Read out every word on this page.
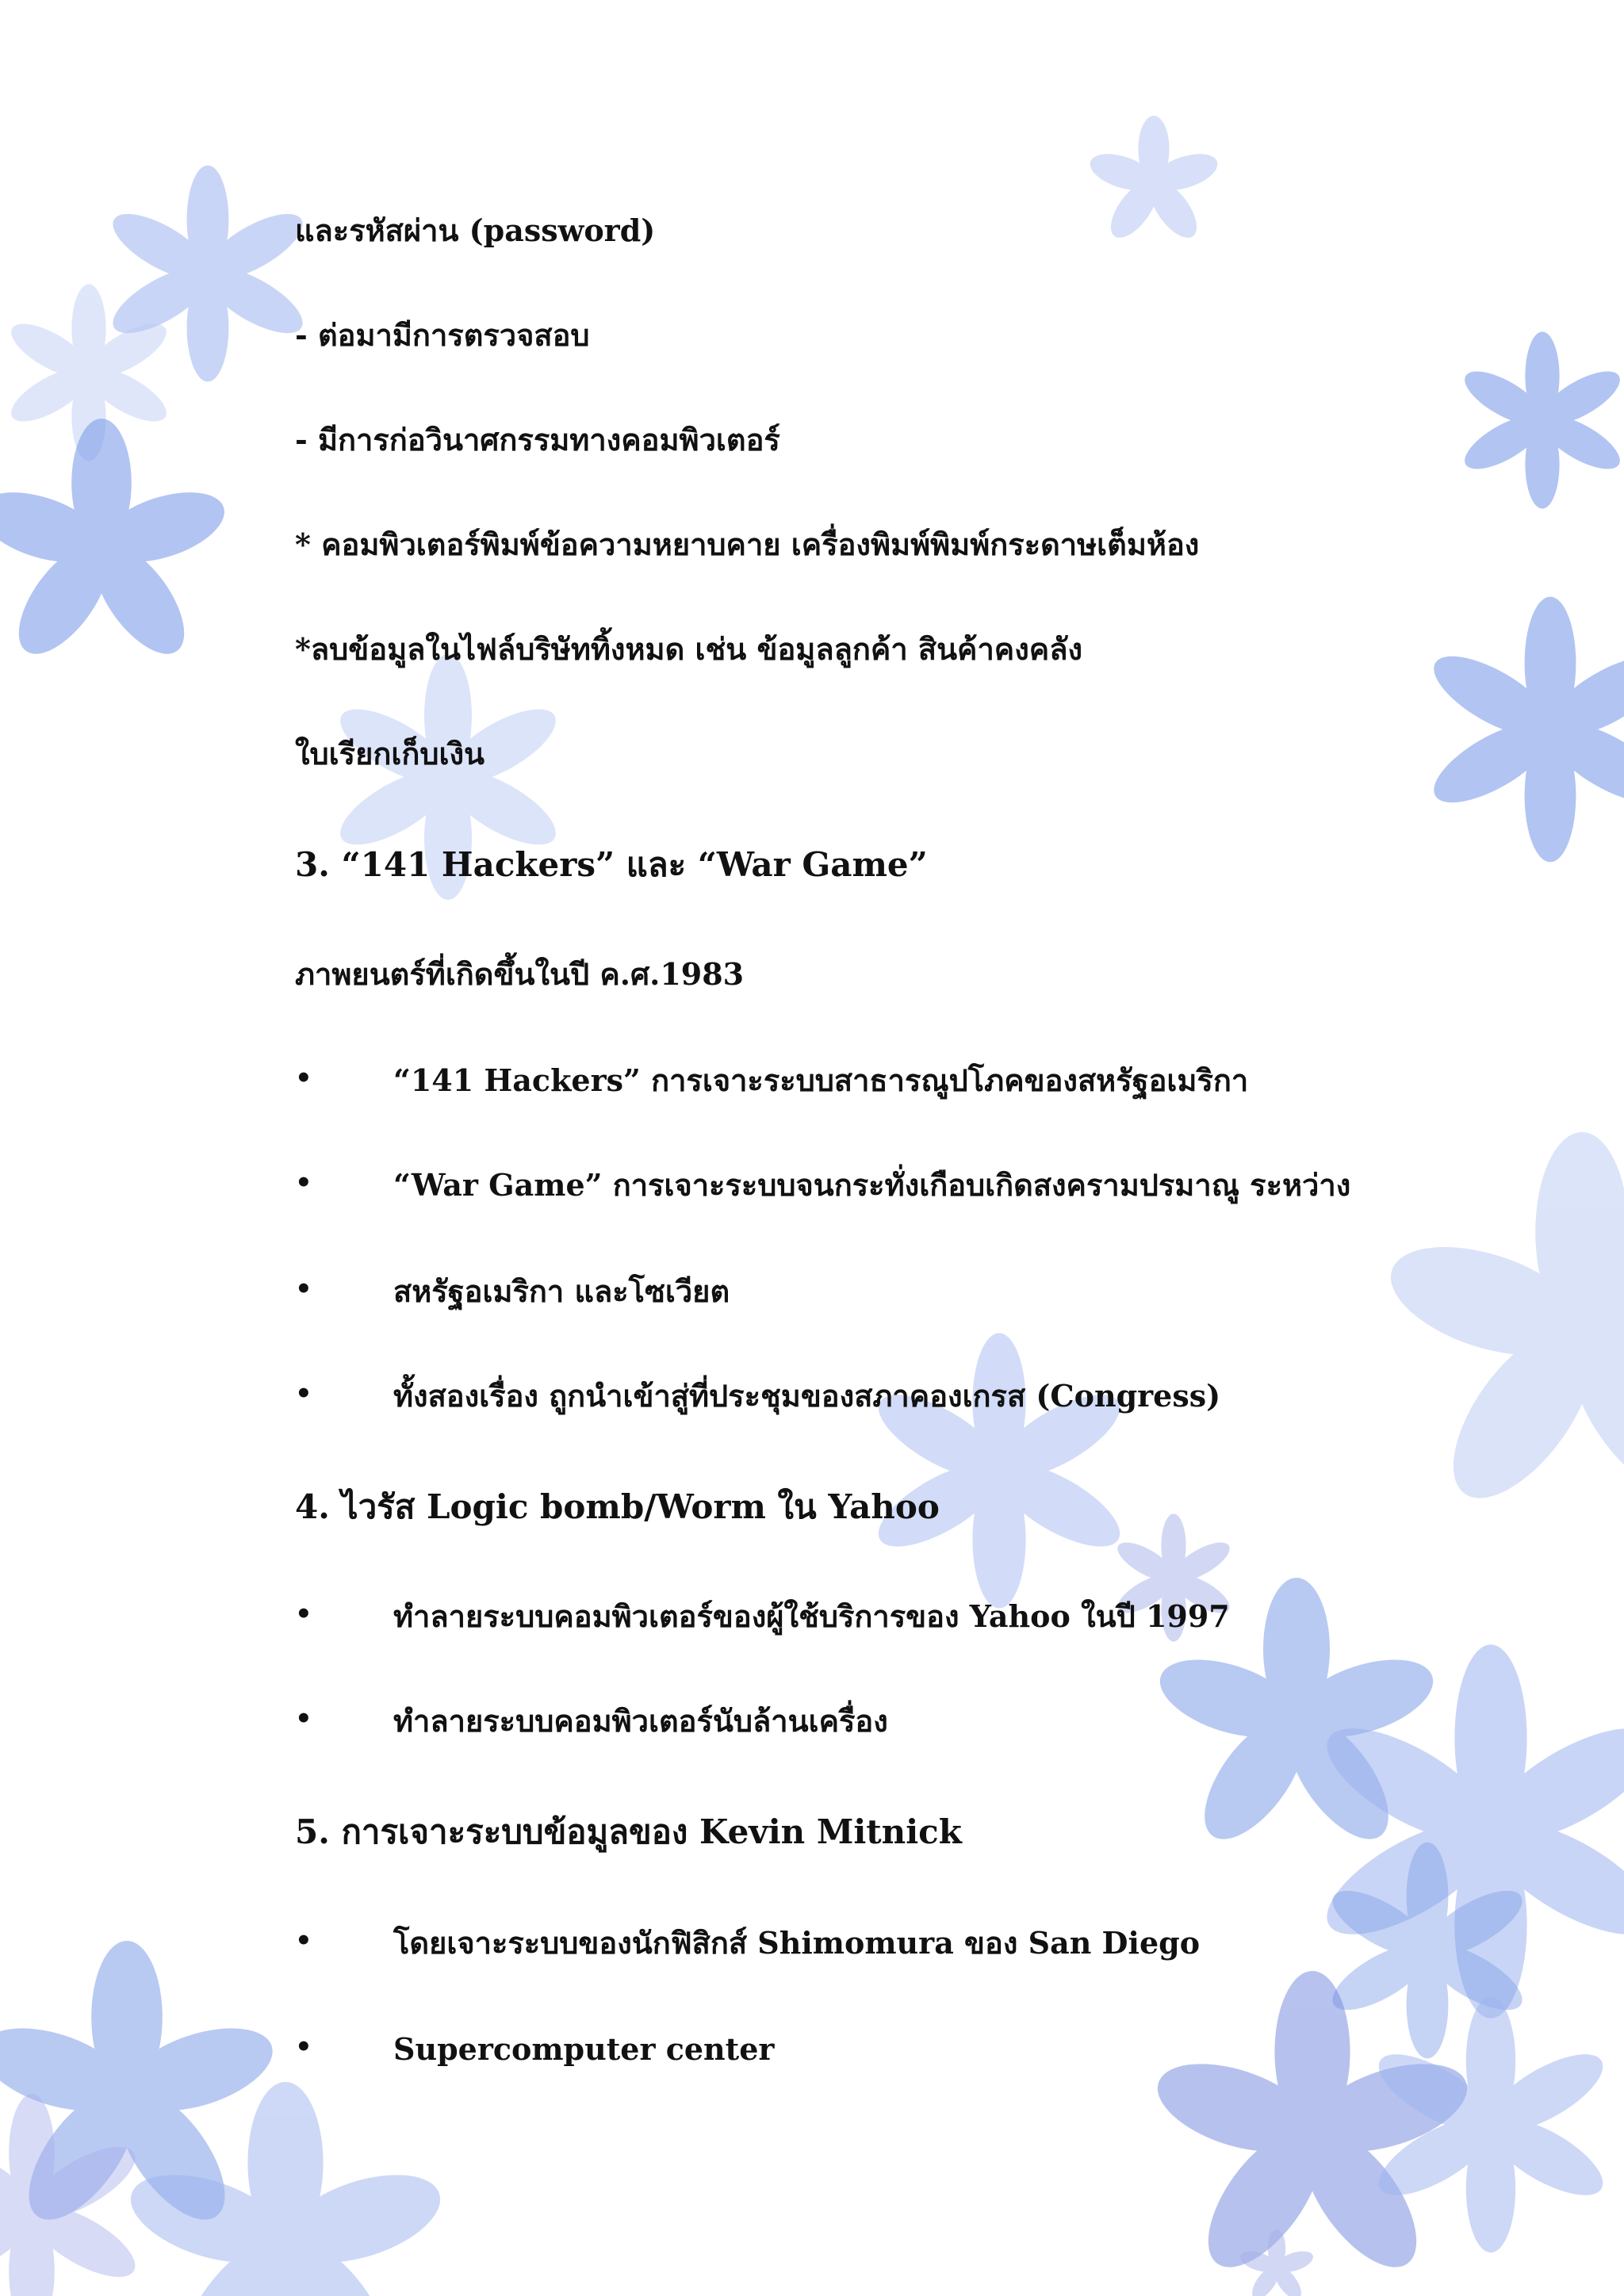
และรหัสผ่าน (password)
- ต่อมามีการตรวจสอบ
- มีการก่อวินาศกรรมทางคอมพิวเตอร์
* คอมพิวเตอร์พิมพ์ข้อความหยาบคาย เครื่องพิมพ์พิมพ์กระดาษเต็มห้อง
*ลบข้อมูลในไฟล์บริษัททิ้งหมด เช่น ข้อมูลลูกค้า สินค้าคงคลัง
ใบเรียกเก็บเงิน
3. “141 Hackers” และ “War Game”
ภาพยนตร์ที่เกิดขึ้นในปี ค.ศ.1983
•	“141 Hackers” การเจาะระบบสาธารณูปโภคของสหรัฐอเมริกา
•	“War Game” การเจาะระบบจนกระทั่งเกือบเกิดสงครามปรมาณู ระหว่าง
•	สหรัฐอเมริกา และโซเวียต
•	ทั้งสองเรื่อง ถูกนำเข้าสู่ที่ประชุมของสภาคองเกรส (Congress)
4. ไวรัส Logic bomb/Worm ใน Yahoo
•	ทำลายระบบคอมพิวเตอร์ของผู้ใช้บริการของ Yahoo ในปี 1997
•	ทำลายระบบคอมพิวเตอร์นับล้านเครื่อง
5. การเจาะระบบข้อมูลของ Kevin Mitnick
•	โดยเจาะระบบของนักฟิสิกส์ Shimomura ของ San Diego
•	Supercomputer center
